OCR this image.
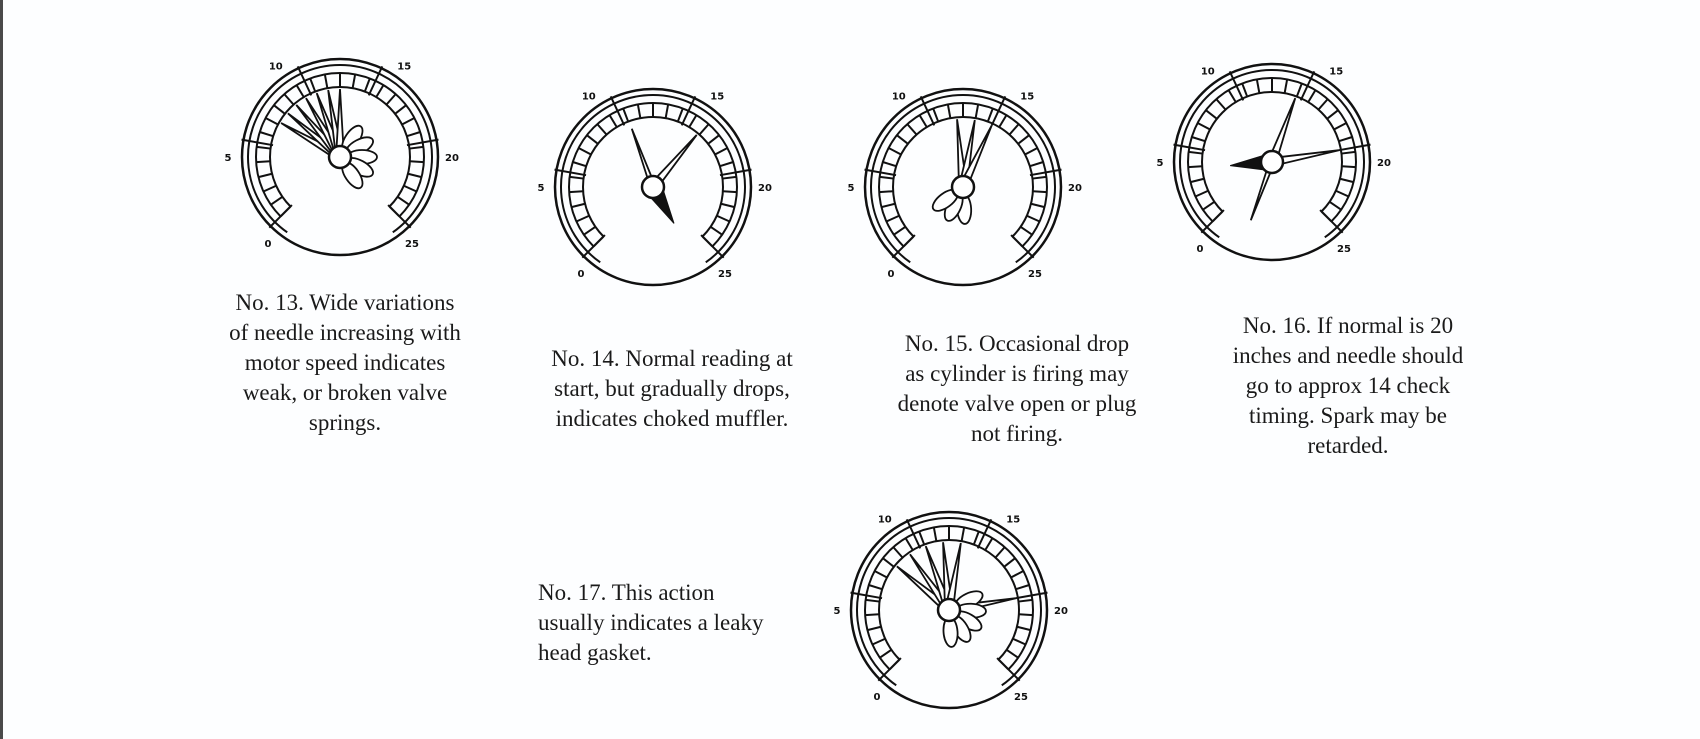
0
5
10	15
20
25
0
5
10	15
20
25	0
5
10	15
20
25
0
5
10	15
20
25
0
5
10	15
20
25
No. 13. Wide variations
of needle increasing with
motor speed indicates
weak, or broken valve
springs.
No. 14. Normal reading at
start, but gradually drops,
indicates choked muffler.
No. 15. Occasional drop
as cylinder is firing may
denote valve open or plug
not firing.
No. 16. If normal is 20
inches and needle should
go to approx 14 check
timing. Spark may be
retarded.
No. 17. This action
usually indicates a leaky
head gasket.
